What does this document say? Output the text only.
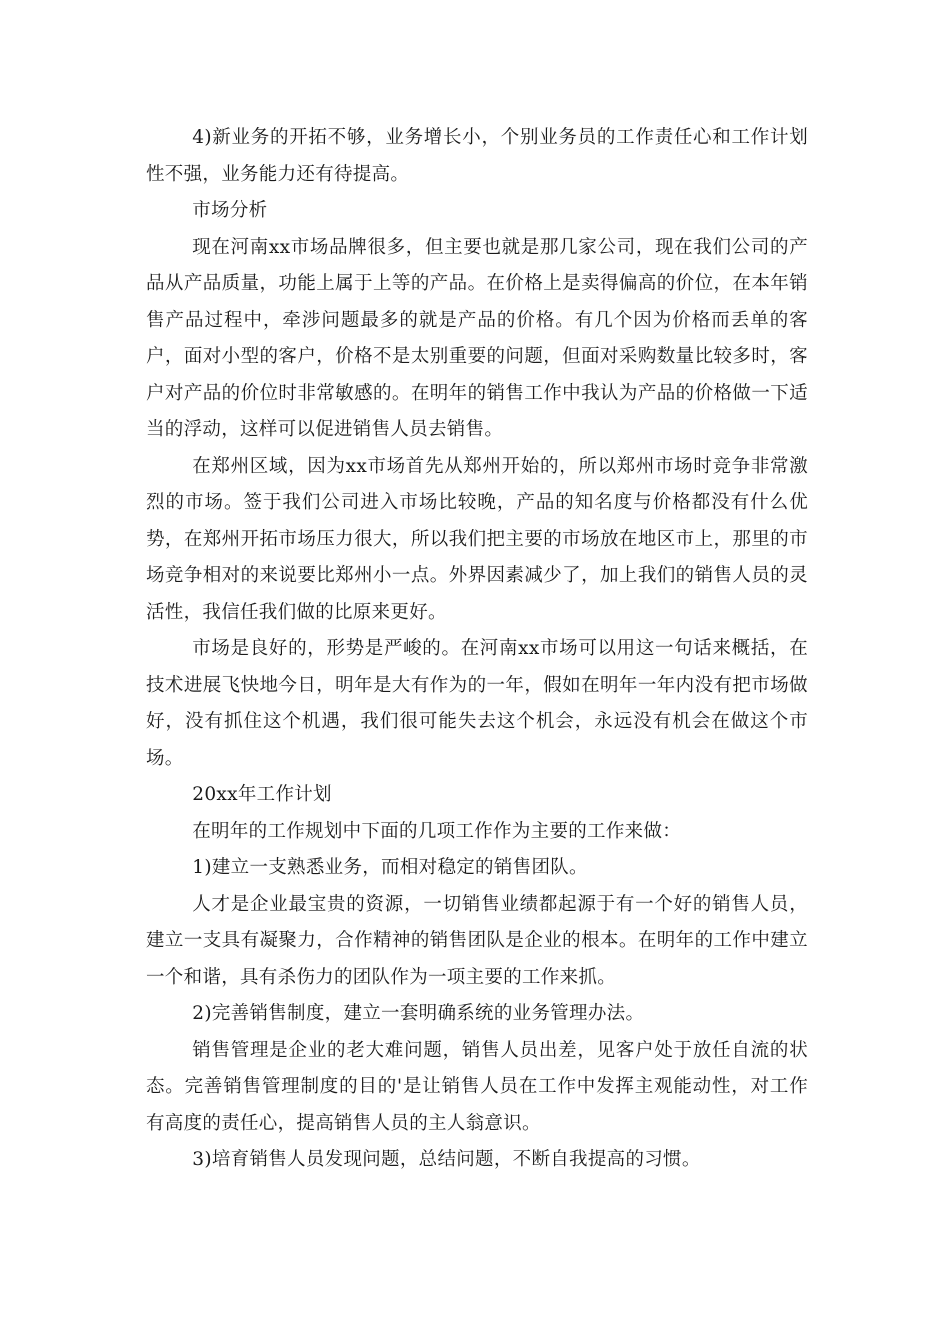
4)新业务的开拓不够，业务增长小，个别业务员的工作责任心和工作计划性不强，业务能力还有待提高。

市场分析

现在河南xx市场品牌很多，但主要也就是那几家公司，现在我们公司的产品从产品质量，功能上属于上等的产品。在价格上是卖得偏高的价位，在本年销售产品过程中，牵涉问题最多的就是产品的价格。有几个因为价格而丢单的客户，面对小型的客户，价格不是太别重要的问题，但面对采购数量比较多时，客户对产品的价位时非常敏感的。在明年的销售工作中我认为产品的价格做一下适当的浮动，这样可以促进销售人员去销售。

在郑州区域，因为xx市场首先从郑州开始的，所以郑州市场时竞争非常激烈的市场。签于我们公司进入市场比较晚，产品的知名度与价格都没有什么优势，在郑州开拓市场压力很大，所以我们把主要的市场放在地区市上，那里的市场竞争相对的来说要比郑州小一点。外界因素减少了，加上我们的销售人员的灵活性，我信任我们做的比原来更好。

市场是良好的，形势是严峻的。在河南xx市场可以用这一句话来概括，在技术进展飞快地今日，明年是大有作为的一年，假如在明年一年内没有把市场做好，没有抓住这个机遇，我们很可能失去这个机会，永远没有机会在做这个市场。

20xx年工作计划

在明年的工作规划中下面的几项工作作为主要的工作来做：

1)建立一支熟悉业务，而相对稳定的销售团队。

人才是企业最宝贵的资源，一切销售业绩都起源于有一个好的销售人员，建立一支具有凝聚力，合作精神的销售团队是企业的根本。在明年的工作中建立一个和谐，具有杀伤力的团队作为一项主要的工作来抓。

2)完善销售制度，建立一套明确系统的业务管理办法。

销售管理是企业的老大难问题，销售人员出差，见客户处于放任自流的状态。完善销售管理制度的目的'是让销售人员在工作中发挥主观能动性，对工作有高度的责任心，提高销售人员的主人翁意识。

3)培育销售人员发现问题，总结问题，不断自我提高的习惯。
